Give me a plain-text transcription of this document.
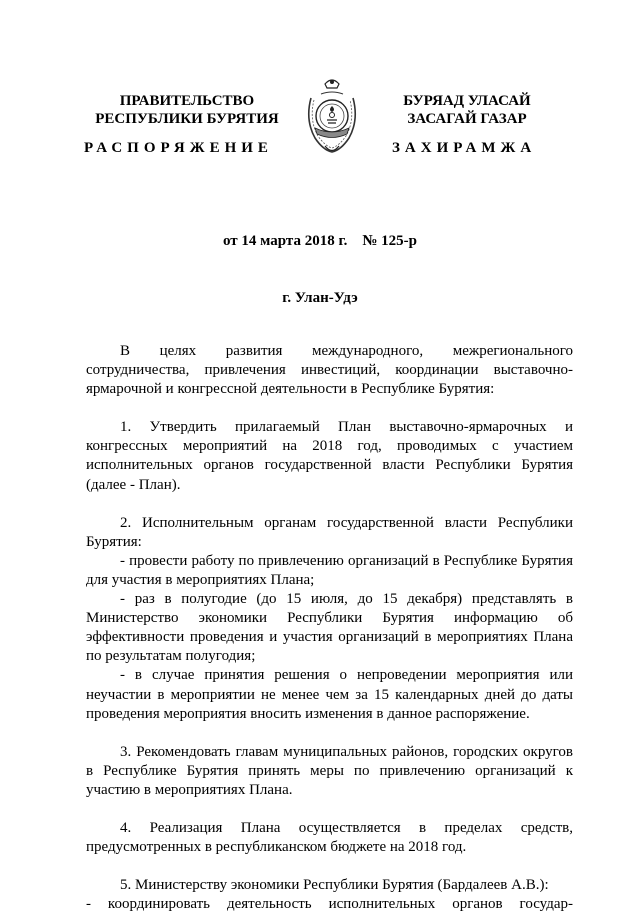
ПРАВИТЕЛЬСТВО
РЕСПУБЛИКИ БУРЯТИЯ
БУРЯАД УЛАСАЙ
ЗАСАГАЙ ГАЗАР
РАСПОРЯЖЕНИЕ	ЗАХИРАМЖА
от 14 марта 2018 г. № 125-р
г. Улан-Удэ

В целях развития международного, межрегионального сотрудничества, привлечения инвестиций, координации выставочно-ярмарочной и конгрессной деятельности в Республике Бурятия:

1. Утвердить прилагаемый План выставочно-ярмарочных и конгрессных мероприятий на 2018 год, проводимых с участием исполнительных органов государственной власти Республики Бурятия (далее - План).

2. Исполнительным органам государственной власти Республики Бурятия:

- провести работу по привлечению организаций в Республике Бурятия для участия в мероприятиях Плана;

- раз в полугодие (до 15 июля, до 15 декабря) представлять в Министерство экономики Республики Бурятия информацию об эффективности проведения и участия организаций в мероприятиях Плана по результатам полугодия;

- в случае принятия решения о непроведении мероприятия или неучастии в мероприятии не менее чем за 15 календарных дней до даты проведения мероприятия вносить изменения в данное распоряжение.

3. Рекомендовать главам муниципальных районов, городских округов в Республике Бурятия принять меры по привлечению организаций к участию в мероприятиях Плана.

4. Реализация Плана осуществляется в пределах средств, предусмотренных в республиканском бюджете на 2018 год.

5. Министерству экономики Республики Бурятия (Бардалеев А.В.):

- координировать деятельность исполнительных органов государ-
